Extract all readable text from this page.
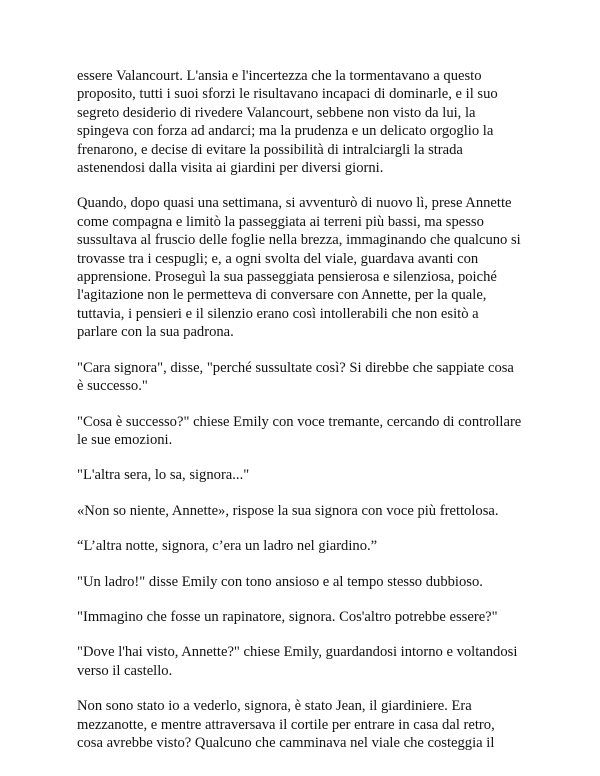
essere Valancourt. L'ansia e l'incertezza che la tormentavano a questo
proposito, tutti i suoi sforzi le risultavano incapaci di dominarle, e il suo
segreto desiderio di rivedere Valancourt, sebbene non visto da lui, la
spingeva con forza ad andarci; ma la prudenza e un delicato orgoglio la
frenarono, e decise di evitare la possibilità di intralciargli la strada
astenendosi dalla visita ai giardini per diversi giorni.

Quando, dopo quasi una settimana, si avventurò di nuovo lì, prese Annette
come compagna e limitò la passeggiata ai terreni più bassi, ma spesso
sussultava al fruscio delle foglie nella brezza, immaginando che qualcuno si
trovasse tra i cespugli; e, a ogni svolta del viale, guardava avanti con
apprensione. Proseguì la sua passeggiata pensierosa e silenziosa, poiché
l'agitazione non le permetteva di conversare con Annette, per la quale,
tuttavia, i pensieri e il silenzio erano così intollerabili che non esitò a
parlare con la sua padrona.

"Cara signora", disse, "perché sussultate così? Si direbbe che sappiate cosa
è successo."

"Cosa è successo?" chiese Emily con voce tremante, cercando di controllare
le sue emozioni.

"L'altra sera, lo sa, signora..."

«Non so niente, Annette», rispose la sua signora con voce più frettolosa.

“L’altra notte, signora, c’era un ladro nel giardino.”

"Un ladro!" disse Emily con tono ansioso e al tempo stesso dubbioso.

"Immagino che fosse un rapinatore, signora. Cos'altro potrebbe essere?"

"Dove l'hai visto, Annette?" chiese Emily, guardandosi intorno e voltandosi
verso il castello.

Non sono stato io a vederlo, signora, è stato Jean, il giardiniere. Era
mezzanotte, e mentre attraversava il cortile per entrare in casa dal retro,
cosa avrebbe visto? Qualcuno che camminava nel viale che costeggia il
